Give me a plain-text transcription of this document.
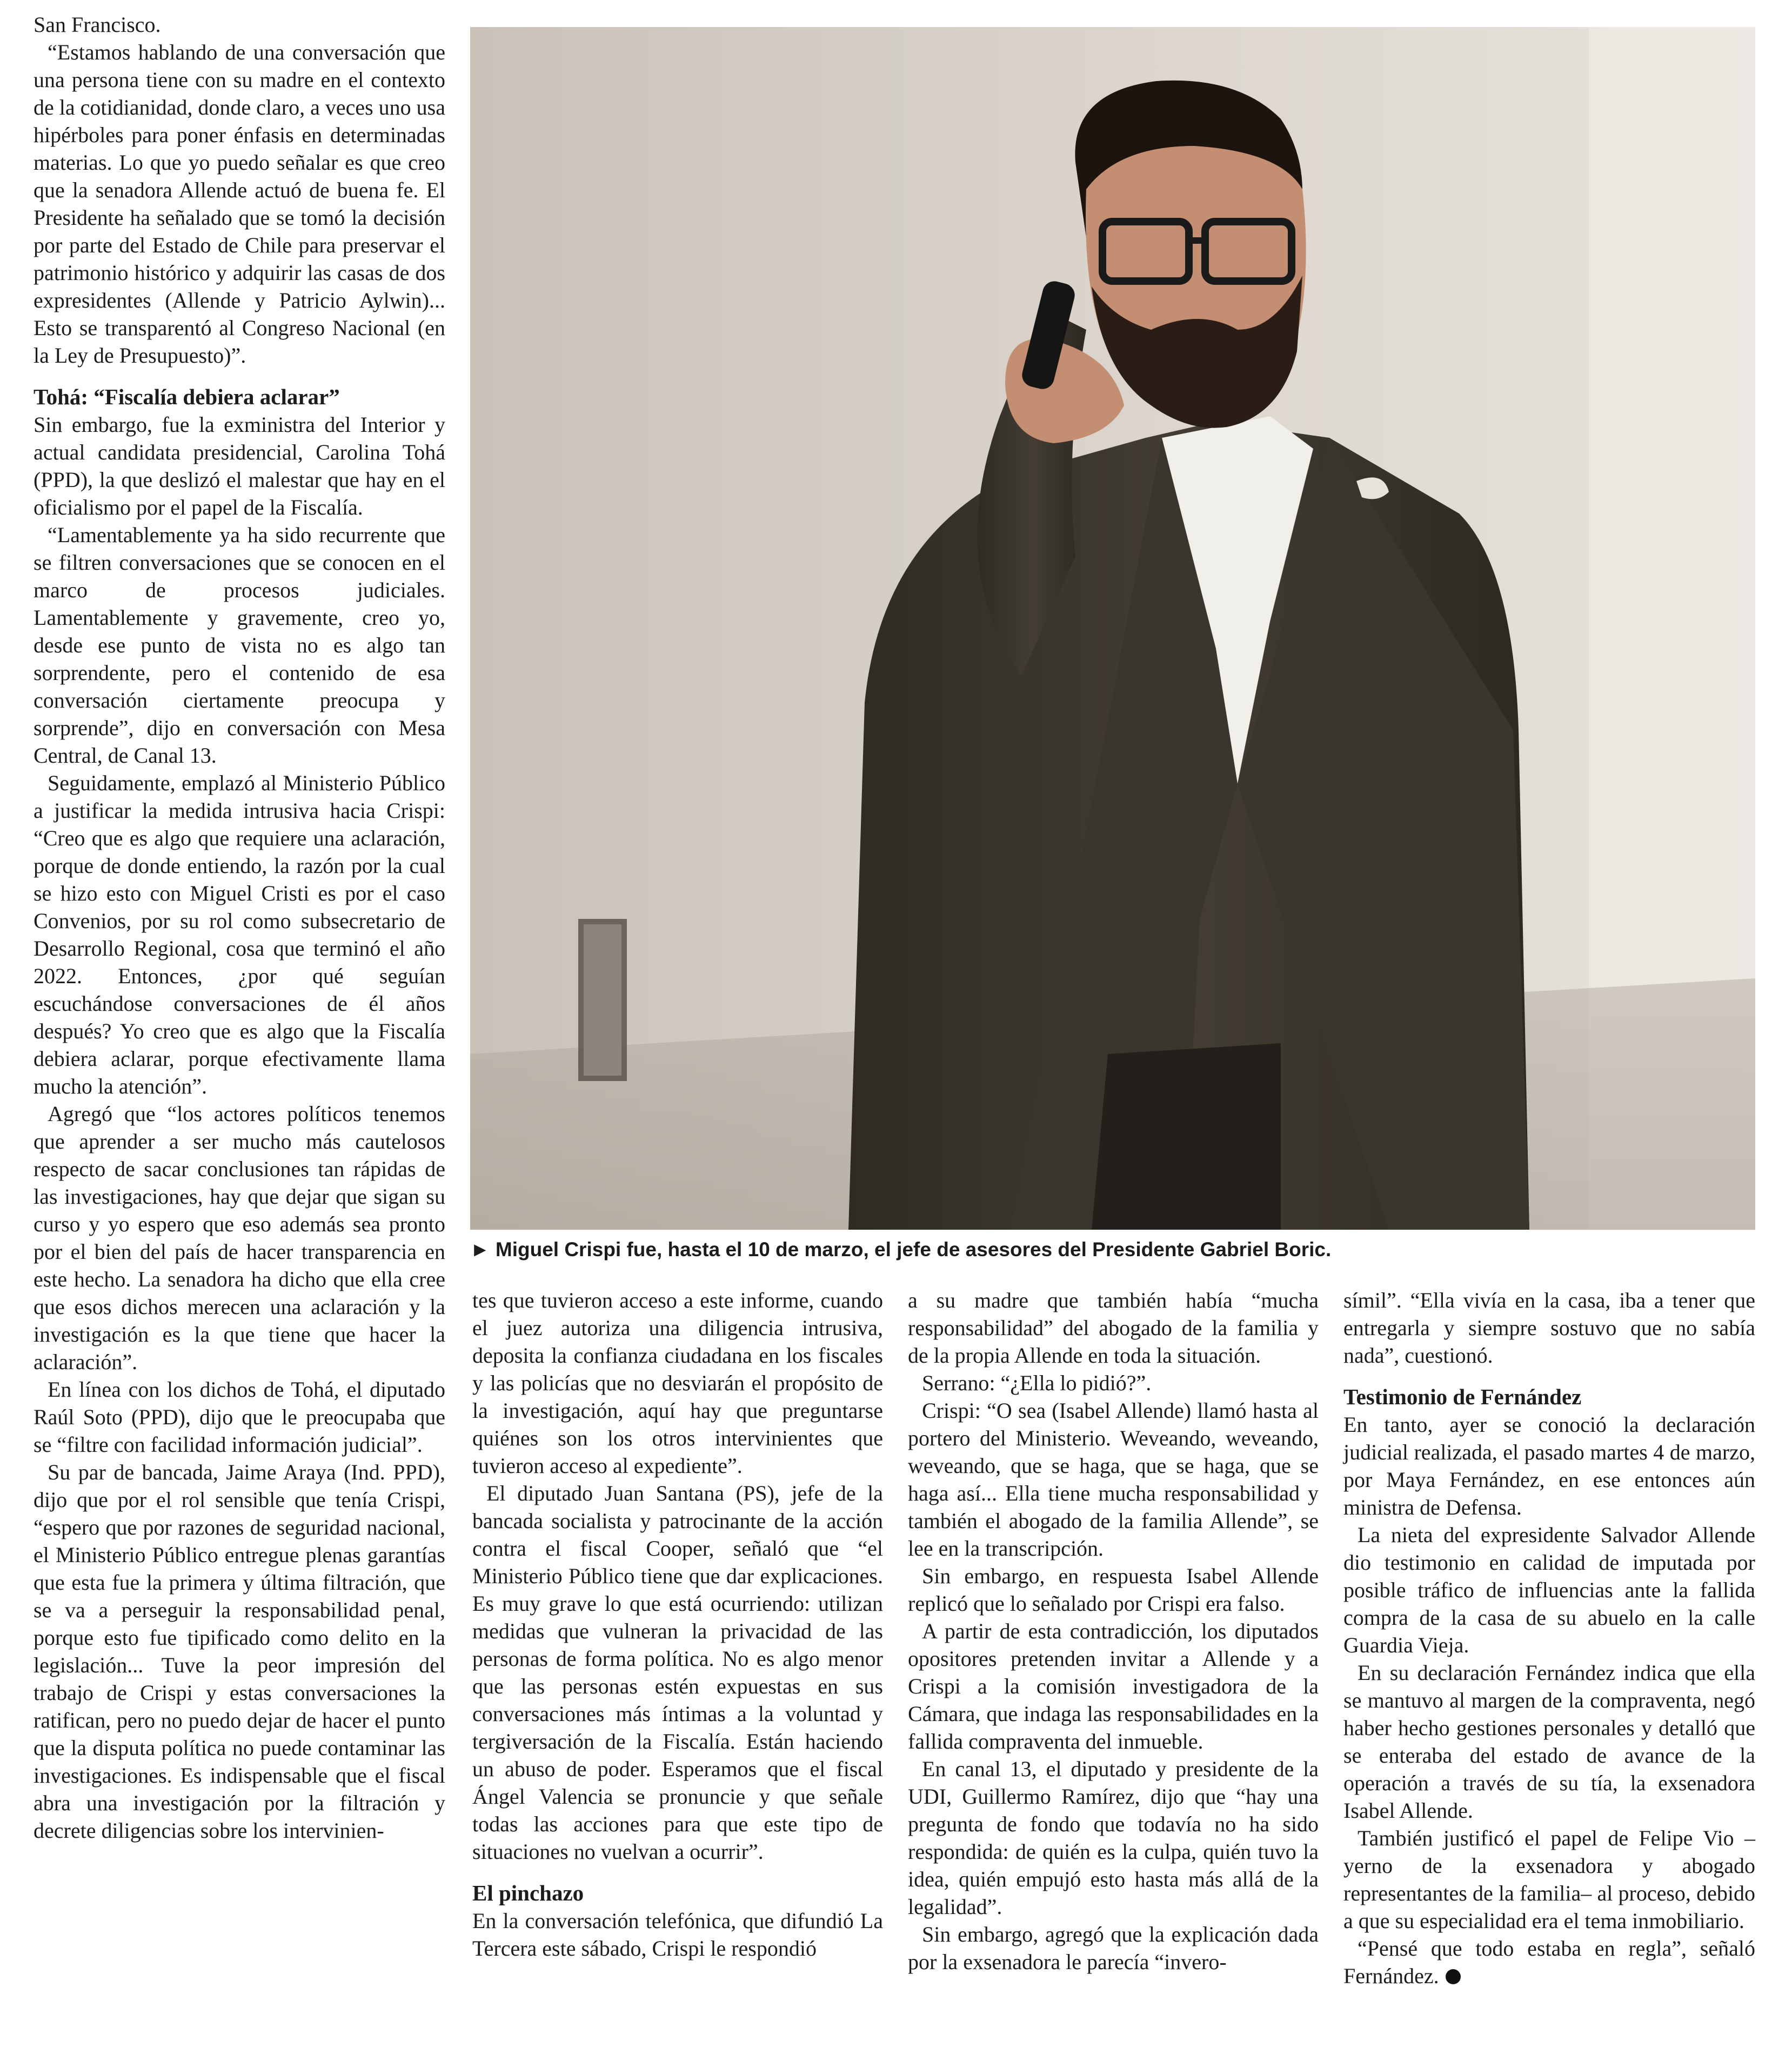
San Francisco.

“Estamos hablando de una conversación que una persona tiene con su madre en el contexto de la cotidianidad, donde claro, a veces uno usa hipérboles para poner énfasis en determinadas materias. Lo que yo puedo señalar es que creo que la senadora Allende actuó de buena fe. El Presidente ha señalado que se tomó la decisión por parte del Estado de Chile para preservar el patrimonio histórico y adquirir las casas de dos expresidentes (Allende y Patricio Aylwin)... Esto se transparentó al Congreso Nacional (en la Ley de Presupuesto)”.

Tohá: “Fiscalía debiera aclarar”

Sin embargo, fue la exministra del Interior y actual candidata presidencial, Carolina Tohá (PPD), la que deslizó el malestar que hay en el oficialismo por el papel de la Fiscalía.

“Lamentablemente ya ha sido recurrente que se filtren conversaciones que se conocen en el marco de procesos judiciales. Lamentablemente y gravemente, creo yo, desde ese punto de vista no es algo tan sorprendente, pero el contenido de esa conversación ciertamente preocupa y sorprende”, dijo en conversación con Mesa Central, de Canal 13.

Seguidamente, emplazó al Ministerio Público a justificar la medida intrusiva hacia Crispi: “Creo que es algo que requiere una aclaración, porque de donde entiendo, la razón por la cual se hizo esto con Miguel Cristi es por el caso Convenios, por su rol como subsecretario de Desarrollo Regional, cosa que terminó el año 2022. Entonces, ¿por qué seguían escuchándose conversaciones de él años después? Yo creo que es algo que la Fiscalía debiera aclarar, porque efectivamente llama mucho la atención”.

Agregó que “los actores políticos tenemos que aprender a ser mucho más cautelosos respecto de sacar conclusiones tan rápidas de las investigaciones, hay que dejar que sigan su curso y yo espero que eso además sea pronto por el bien del país de hacer transparencia en este hecho. La senadora ha dicho que ella cree que esos dichos merecen una aclaración y la investigación es la que tiene que hacer la aclaración”.

En línea con los dichos de Tohá, el diputado Raúl Soto (PPD), dijo que le preocupaba que se “filtre con facilidad información judicial”.

Su par de bancada, Jaime Araya (Ind. PPD), dijo que por el rol sensible que tenía Crispi, “espero que por razones de seguridad nacional, el Ministerio Público entregue plenas garantías que esta fue la primera y última filtración, que se va a perseguir la responsabilidad penal, porque esto fue tipificado como delito en la legislación... Tuve la peor impresión del trabajo de Crispi y estas conversaciones la ratifican, pero no puedo dejar de hacer el punto que la disputa política no puede contaminar las investigaciones. Es indispensable que el fiscal abra una investigación por la filtración y decrete diligencias sobre los intervinien-

► Miguel Crispi fue, hasta el 10 de marzo, el jefe de asesores del Presidente Gabriel Boric.

tes que tuvieron acceso a este informe, cuando el juez autoriza una diligencia intrusiva, deposita la confianza ciudadana en los fiscales y las policías que no desviarán el propósito de la investigación, aquí hay que preguntarse quiénes son los otros intervinientes que tuvieron acceso al expediente”.

El diputado Juan Santana (PS), jefe de la bancada socialista y patrocinante de la acción contra el fiscal Cooper, señaló que “el Ministerio Público tiene que dar explicaciones. Es muy grave lo que está ocurriendo: utilizan medidas que vulneran la privacidad de las personas de forma política. No es algo menor que las personas estén expuestas en sus conversaciones más íntimas a la voluntad y tergiversación de la Fiscalía. Están haciendo un abuso de poder. Esperamos que el fiscal Ángel Valencia se pronuncie y que señale todas las acciones para que este tipo de situaciones no vuelvan a ocurrir”.

El pinchazo

En la conversación telefónica, que difundió La Tercera este sábado, Crispi le respondió

a su madre que también había “mucha responsabilidad” del abogado de la familia y de la propia Allende en toda la situación.

Serrano: “¿Ella lo pidió?”.

Crispi: “O sea (Isabel Allende) llamó hasta al portero del Ministerio. Weveando, weveando, weveando, que se haga, que se haga, que se haga así... Ella tiene mucha responsabilidad y también el abogado de la familia Allende”, se lee en la transcripción.

Sin embargo, en respuesta Isabel Allende replicó que lo señalado por Crispi era falso.

A partir de esta contradicción, los diputados opositores pretenden invitar a Allende y a Crispi a la comisión investigadora de la Cámara, que indaga las responsabilidades en la fallida compraventa del inmueble.

En canal 13, el diputado y presidente de la UDI, Guillermo Ramírez, dijo que “hay una pregunta de fondo que todavía no ha sido respondida: de quién es la culpa, quién tuvo la idea, quién empujó esto hasta más allá de la legalidad”.

Sin embargo, agregó que la explicación dada por la exsenadora le parecía “invero-

símil”. “Ella vivía en la casa, iba a tener que entregarla y siempre sostuvo que no sabía nada”, cuestionó.

Testimonio de Fernández

En tanto, ayer se conoció la declaración judicial realizada, el pasado martes 4 de marzo, por Maya Fernández, en ese entonces aún ministra de Defensa.

La nieta del expresidente Salvador Allende dio testimonio en calidad de imputada por posible tráfico de influencias ante la fallida compra de la casa de su abuelo en la calle Guardia Vieja.

En su declaración Fernández indica que ella se mantuvo al margen de la compraventa, negó haber hecho gestiones personales y detalló que se enteraba del estado de avance de la operación a través de su tía, la exsenadora Isabel Allende.

También justificó el papel de Felipe Vio –yerno de la exsenadora y abogado representantes de la familia– al proceso, debido a que su especialidad era el tema inmobiliario.

“Pensé que todo estaba en regla”, señaló Fernández.
